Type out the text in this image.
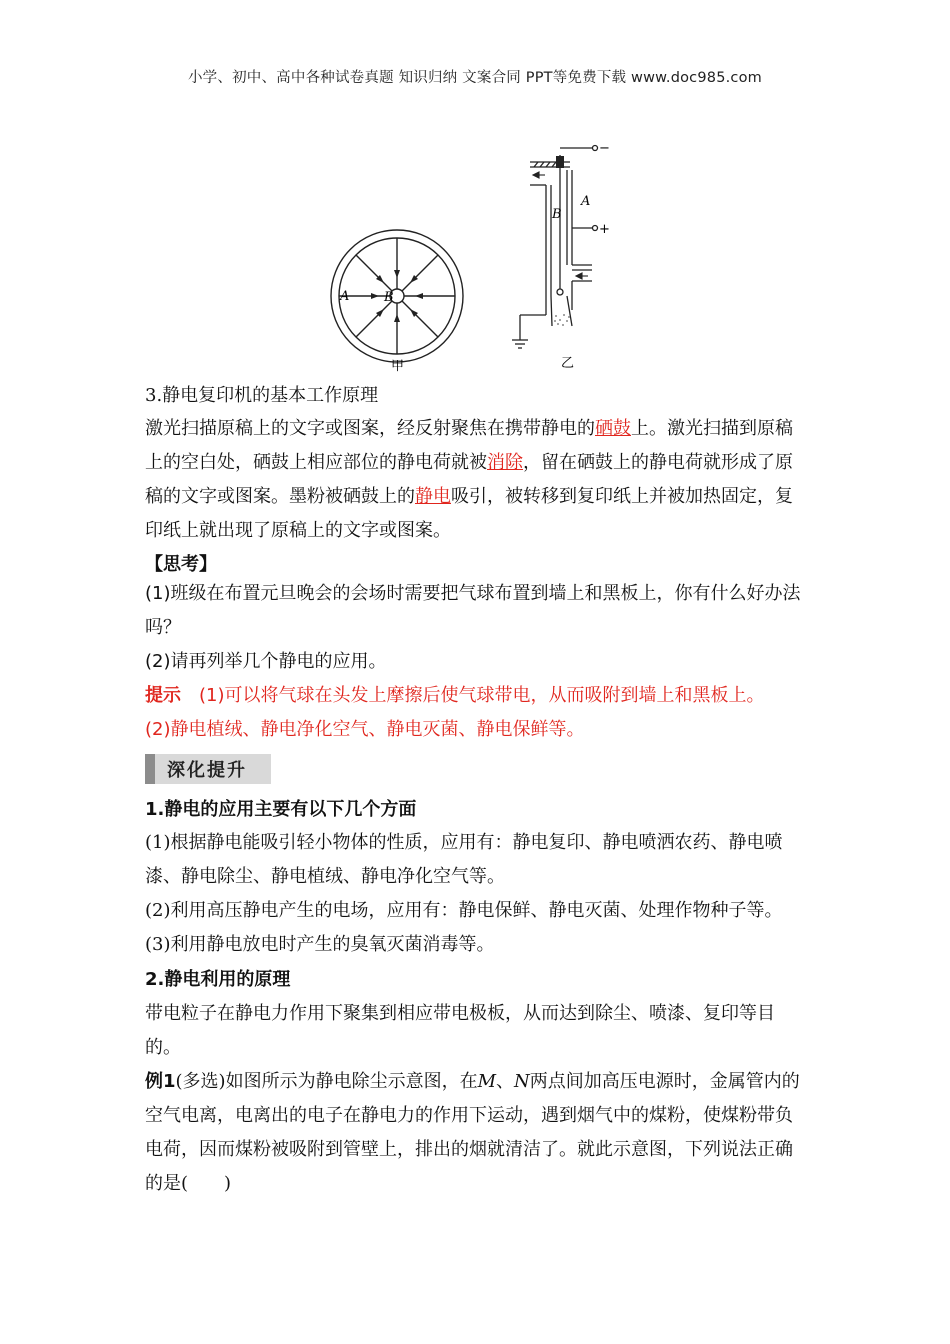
小学、初中、高中各种试卷真题 知识归纳 文案合同 PPT等免费下载 www.doc985.com
A	B
甲
−
+
A
B
乙
3.静电复印机的基本工作原理
激光扫描原稿上的文字或图案，经反射聚焦在携带静电的硒鼓上。激光扫描到原稿上的空白处，硒鼓上相应部位的静电荷就被消除，留在硒鼓上的静电荷就形成了原稿的文字或图案。墨粉被硒鼓上的静电吸引，被转移到复印纸上并被加热固定，复印纸上就出现了原稿上的文字或图案。
【思考】
(1)班级在布置元旦晚会的会场时需要把气球布置到墙上和黑板上，你有什么好办法吗？
(2)请再列举几个静电的应用。
提示　 (1)可以将气球在头发上摩擦后使气球带电，从而吸附到墙上和黑板上。
(2)静电植绒、静电净化空气、静电灭菌、静电保鲜等。
深化提升
1.静电的应用主要有以下几个方面
(1)根据静电能吸引轻小物体的性质，应用有：静电复印、静电喷洒农药、静电喷漆、静电除尘、静电植绒、静电净化空气等。
(2)利用高压静电产生的电场，应用有：静电保鲜、静电灭菌、处理作物种子等。
(3)利用静电放电时产生的臭氧灭菌消毒等。
2.静电利用的原理
带电粒子在静电力作用下聚集到相应带电极板，从而达到除尘、喷漆、复印等目的。
例1(多选)如图所示为静电除尘示意图，在M、N两点间加高压电源时，金属管内的空气电离，电离出的电子在静电力的作用下运动，遇到烟气中的煤粉，使煤粉带负电荷，因而煤粉被吸附到管壁上，排出的烟就清洁了。就此示意图，下列说法正确的是(　　)
